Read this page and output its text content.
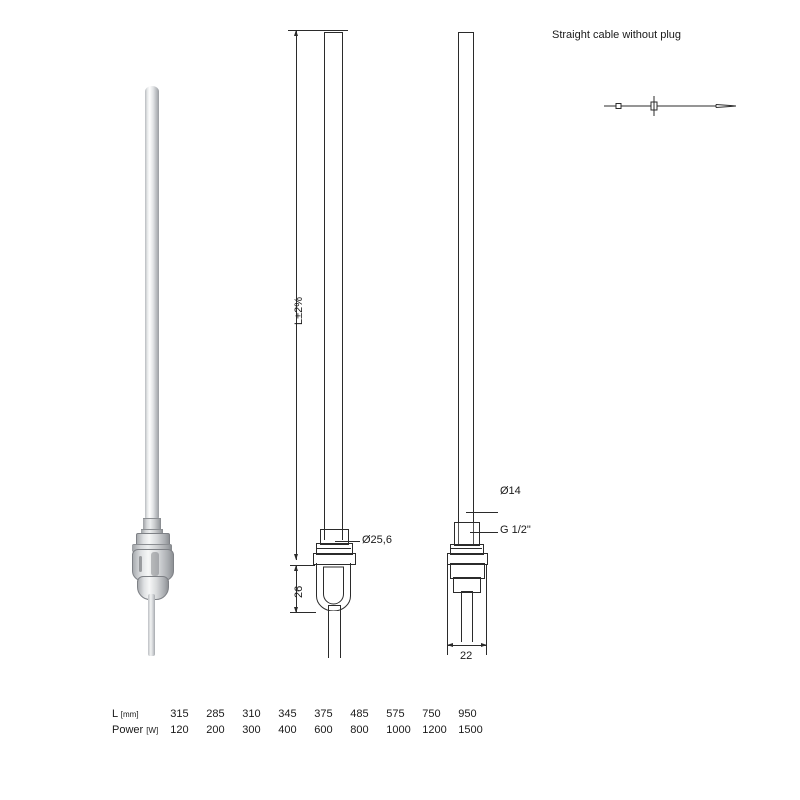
Straight cable without plug
L±2%
26
Ø25,6
Ø14
G 1/2"
22
L [mm]	315	285	310	345	375	485	575	750	950
Power [W]	120	200	300	400	600	800	1000	1200	1500
